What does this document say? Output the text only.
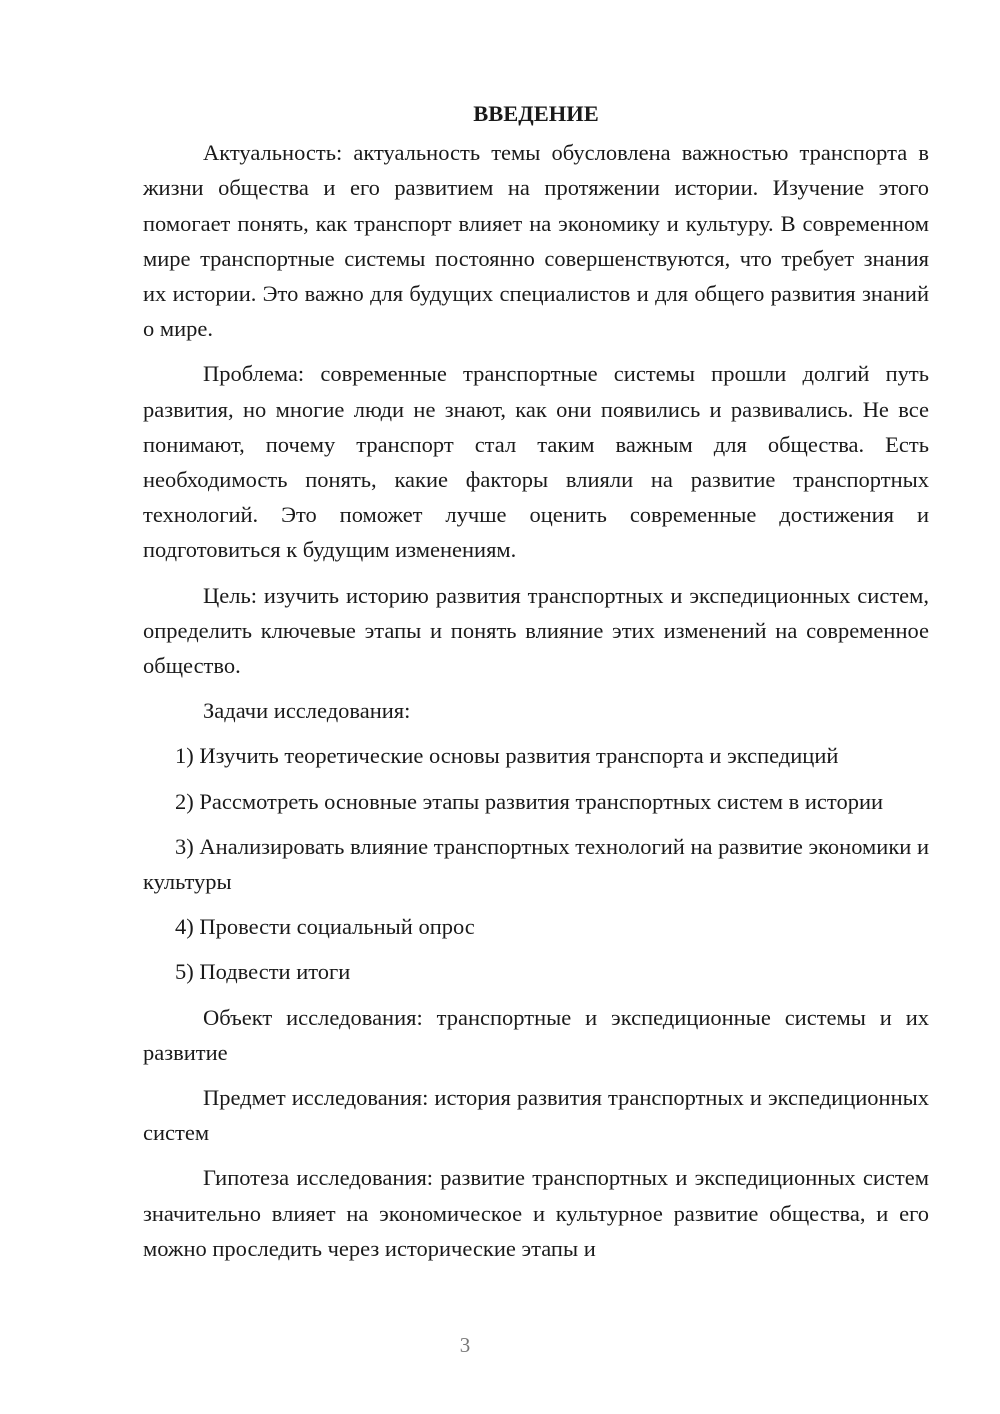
ВВЕДЕНИЕ

Актуальность: актуальность темы обусловлена важностью транспорта в жизни общества и его развитием на протяжении истории. Изучение этого помогает понять, как транспорт влияет на экономику и культуру. В современном мире транспортные системы постоянно совершенствуются, что требует знания их истории. Это важно для будущих специалистов и для общего развития знаний о мире.

Проблема: современные транспортные системы прошли долгий путь развития, но многие люди не знают, как они появились и развивались. Не все понимают, почему транспорт стал таким важным для общества. Есть необходимость понять, какие факторы влияли на развитие транспортных технологий. Это поможет лучше оценить современные достижения и подготовиться к будущим изменениям.

Цель: изучить историю развития транспортных и экспедиционных систем, определить ключевые этапы и понять влияние этих изменений на современное общество.

Задачи исследования:

1) Изучить теоретические основы развития транспорта и экспедиций

2) Рассмотреть основные этапы развития транспортных систем в истории

3) Анализировать влияние транспортных технологий на развитие экономики и культуры

4) Провести социальный опрос

5) Подвести итоги

Объект исследования: транспортные и экспедиционные системы и их развитие

Предмет исследования: история развития транспортных и экспедиционных систем

Гипотеза исследования: развитие транспортных и экспедиционных систем значительно влияет на экономическое и культурное развитие общества, и его можно проследить через исторические этапы и

3
